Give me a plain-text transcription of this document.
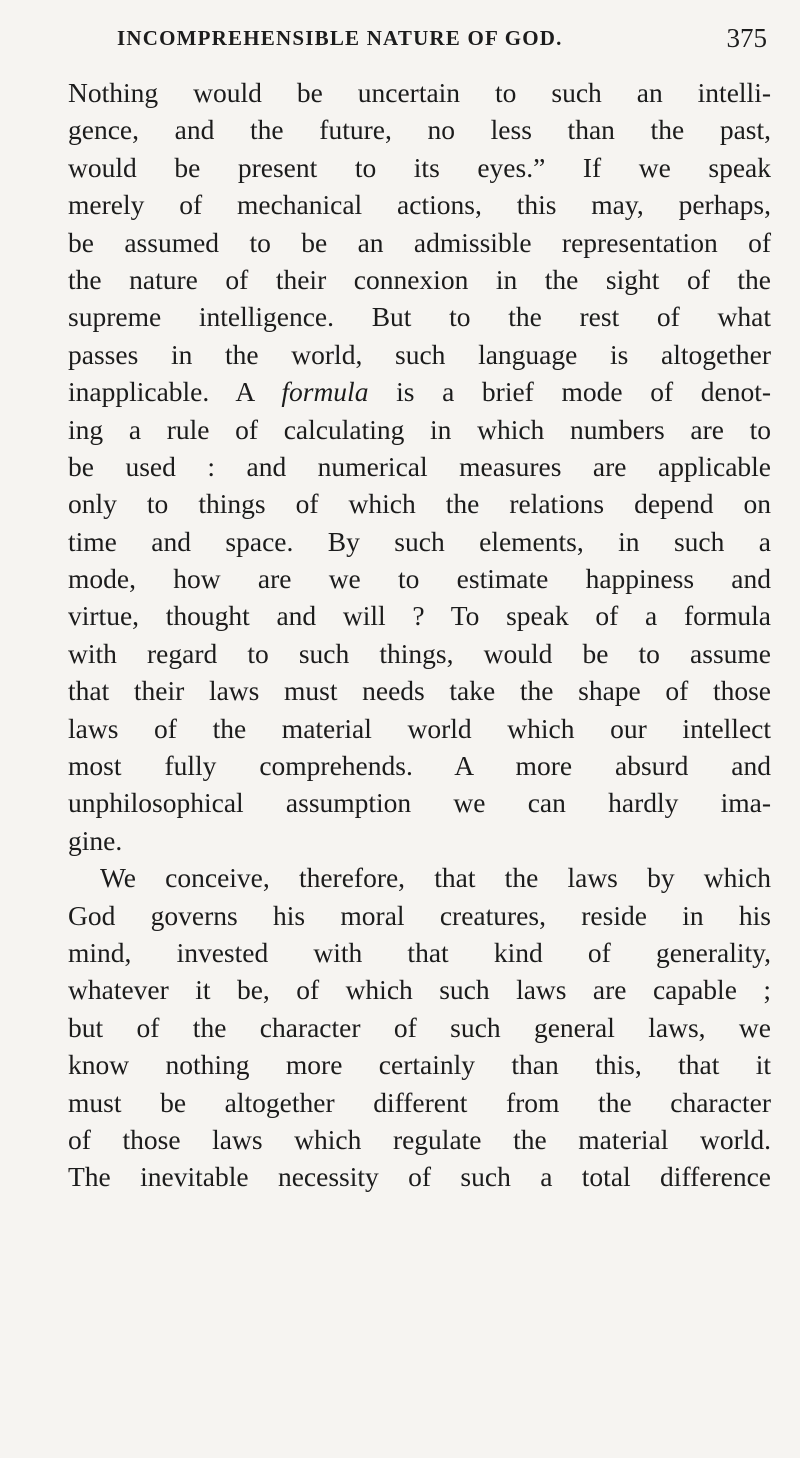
INCOMPREHENSIBLE NATURE OF GOD.	375
Nothing would be uncertain to such an intelli-
gence, and the future, no less than the past,
would be present to its eyes.” If we speak
merely of mechanical actions, this may, perhaps,
be assumed to be an admissible representation of
the nature of their connexion in the sight of the
supreme intelligence. But to the rest of what
passes in the world, such language is altogether
inapplicable. A formula is a brief mode of denot-
ing a rule of calculating in which numbers are to
be used : and numerical measures are applicable
only to things of which the relations depend on
time and space. By such elements, in such a
mode, how are we to estimate happiness and
virtue, thought and will ? To speak of a formula
with regard to such things, would be to assume
that their laws must needs take the shape of those
laws of the material world which our intellect
most fully comprehends. A more absurd and
unphilosophical assumption we can hardly ima-
gine.
We conceive, therefore, that the laws by which
God governs his moral creatures, reside in his
mind, invested with that kind of generality,
whatever it be, of which such laws are capable ;
but of the character of such general laws, we
know nothing more certainly than this, that it
must be altogether different from the character
of those laws which regulate the material world.
The inevitable necessity of such a total difference
